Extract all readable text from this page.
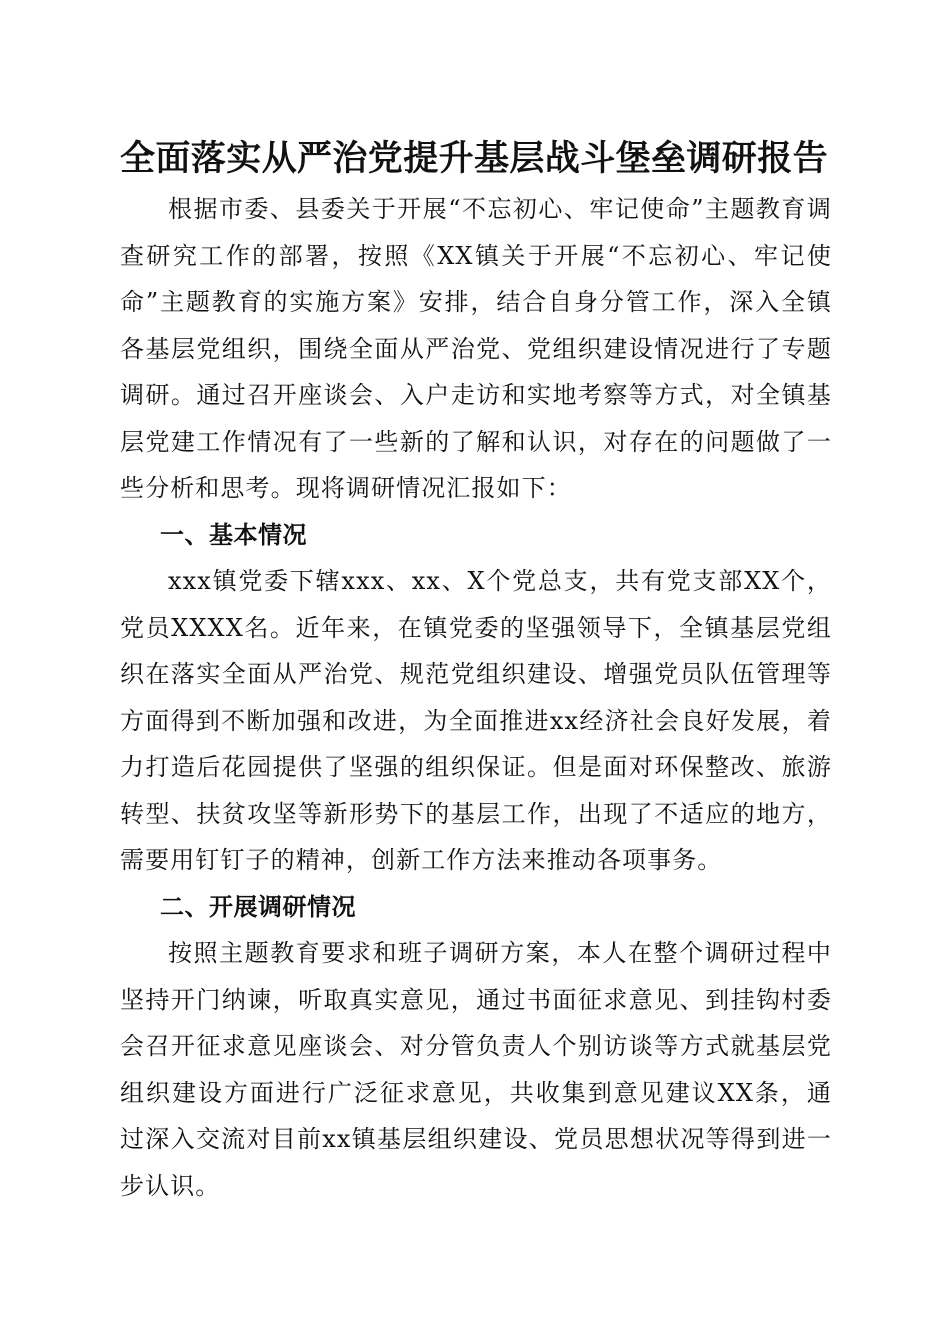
全面落实从严治党提升基层战斗堡垒调研报告

根据市委、县委关于开展“不忘初心、牢记使命”主题教育调查研究工作的部署，按照《XX镇关于开展“不忘初心、牢记使命”主题教育的实施方案》安排，结合自身分管工作，深入全镇各基层党组织，围绕全面从严治党、党组织建设情况进行了专题调研。通过召开座谈会、入户走访和实地考察等方式，对全镇基层党建工作情况有了一些新的了解和认识，对存在的问题做了一些分析和思考。现将调研情况汇报如下：

一、基本情况

xxx镇党委下辖xxx、xx、X个党总支，共有党支部XX个，党员XXXX名。近年来，在镇党委的坚强领导下，全镇基层党组织在落实全面从严治党、规范党组织建设、增强党员队伍管理等方面得到不断加强和改进，为全面推进xx经济社会良好发展，着力打造后花园提供了坚强的组织保证。但是面对环保整改、旅游转型、扶贫攻坚等新形势下的基层工作，出现了不适应的地方，需要用钉钉子的精神，创新工作方法来推动各项事务。

二、开展调研情况

按照主题教育要求和班子调研方案，本人在整个调研过程中坚持开门纳谏，听取真实意见，通过书面征求意见、到挂钩村委会召开征求意见座谈会、对分管负责人个别访谈等方式就基层党组织建设方面进行广泛征求意见，共收集到意见建议XX条，通过深入交流对目前xx镇基层组织建设、党员思想状况等得到进一步认识。
